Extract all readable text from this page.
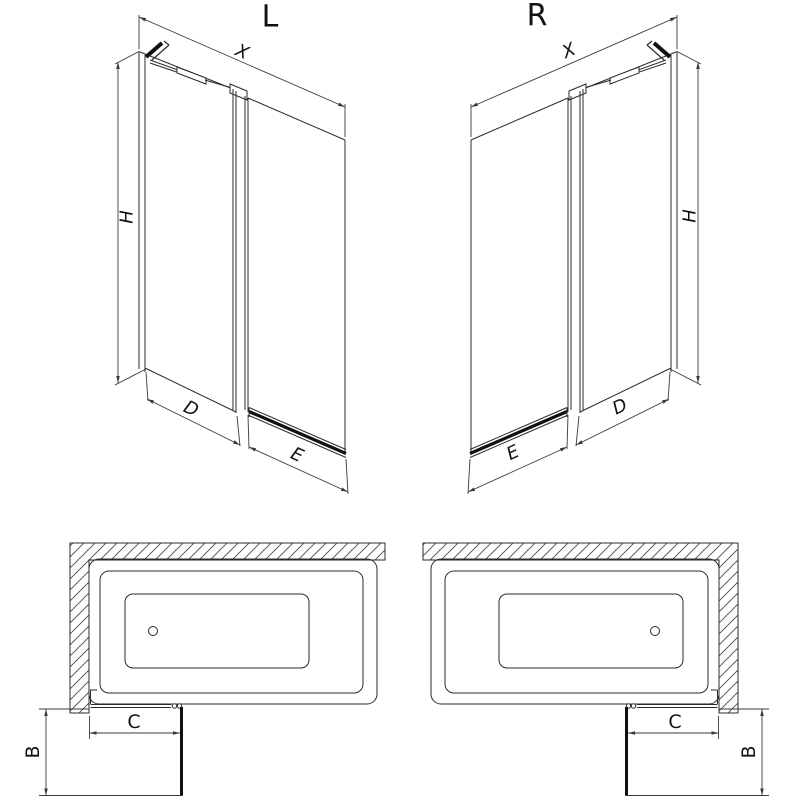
L	R
X
H
D
E
X
H
D
E
C
B
C
B
